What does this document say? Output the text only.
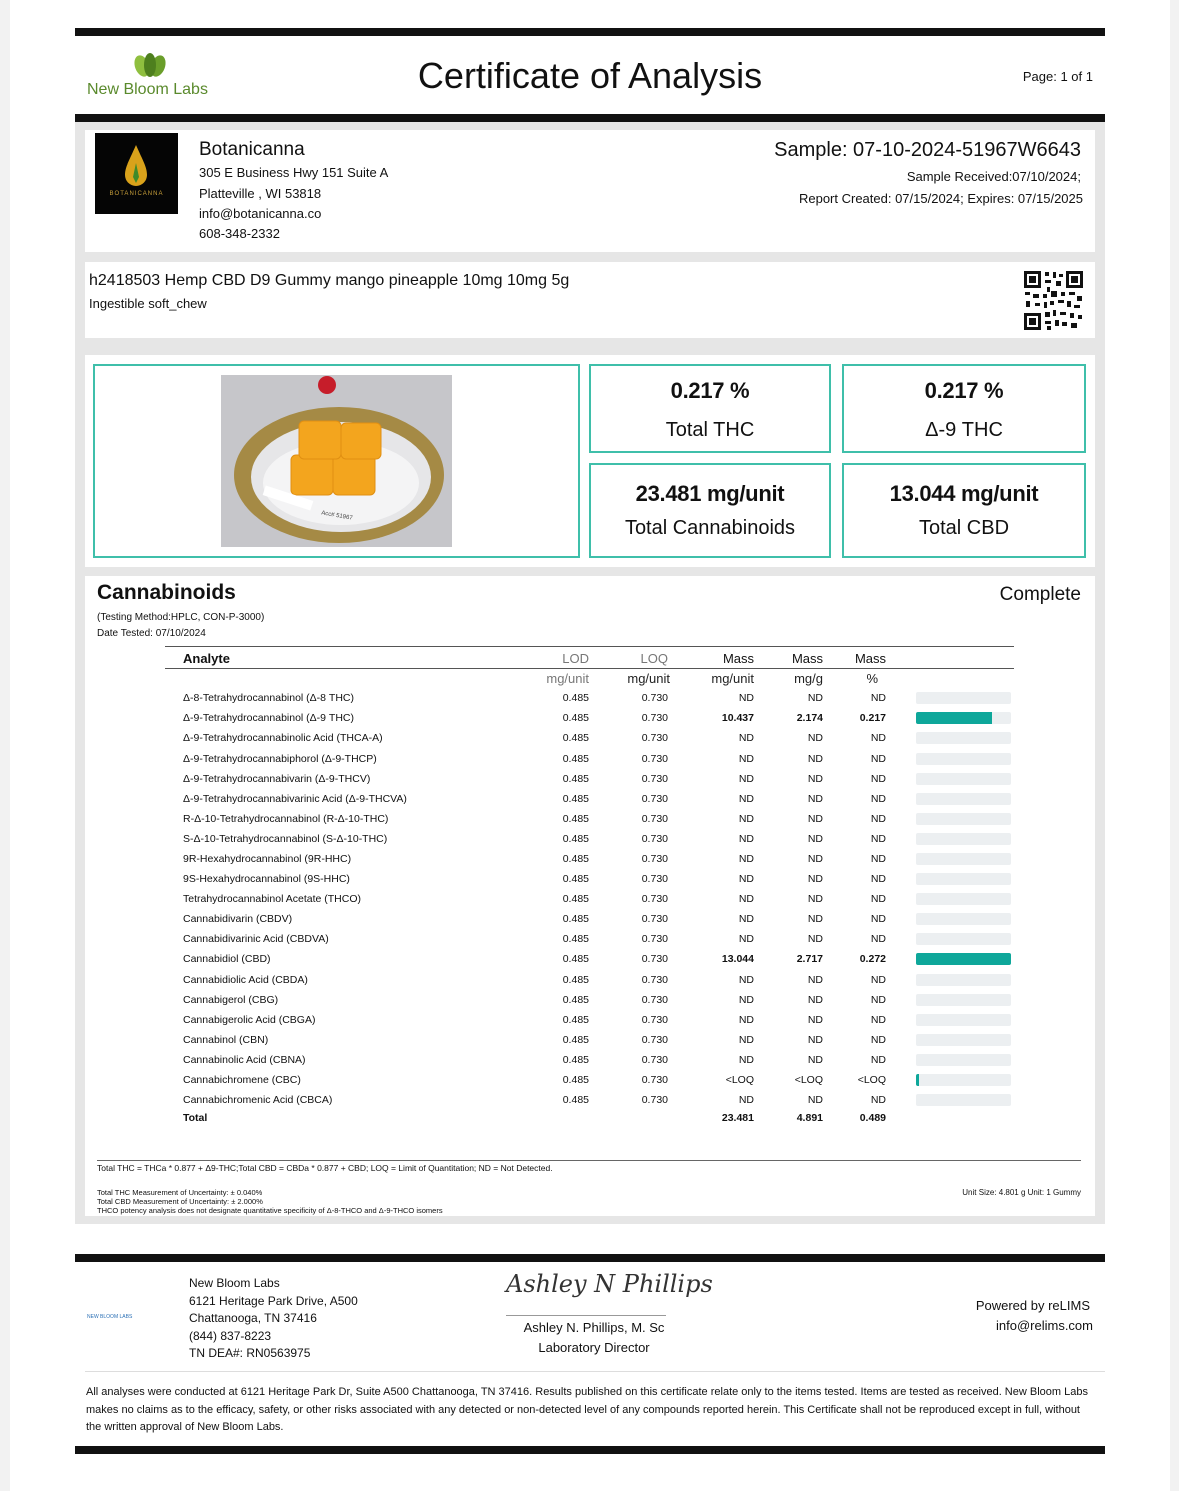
New Bloom Labs	Certificate of Analysis	Page: 1 of 1
BOTANICANNA
Botanicanna
305 E Business Hwy 151 Suite A
Platteville , WI 53818
info@botanicanna.co
608-348-2332
Sample: 07-10-2024-51967W6643
Sample Received:07/10/2024;
Report Created: 07/15/2024; Expires: 07/15/2025
h2418503 Hemp CBD D9 Gummy mango pineapple 10mg 10mg 5g
Ingestible soft_chew
Acc# 51967
0.217 %
Total THC
0.217 %
Δ-9 THC
23.481 mg/unit
Total Cannabinoids
13.044 mg/unit
Total CBD
Cannabinoids	Complete
(Testing Method:HPLC, CON-P-3000)
Date Tested: 07/10/2024
	Analyte	LOD	LOQ	Mass	Mass	Mass		
		mg/unit	mg/unit	mg/unit	mg/g	%		
	Δ-8-Tetrahydrocannabinol (Δ-8 THC)	0.485	0.730	ND	ND	ND		

	Δ-9-Tetrahydrocannabinol (Δ-9 THC)	0.485	0.730	10.437	2.174	0.217		

	Δ-9-Tetrahydrocannabinolic Acid (THCA-A)	0.485	0.730	ND	ND	ND		

	Δ-9-Tetrahydrocannabiphorol (Δ-9-THCP)	0.485	0.730	ND	ND	ND		

	Δ-9-Tetrahydrocannabivarin (Δ-9-THCV)	0.485	0.730	ND	ND	ND		

	Δ-9-Tetrahydrocannabivarinic Acid (Δ-9-THCVA)	0.485	0.730	ND	ND	ND		

	R-Δ-10-Tetrahydrocannabinol (R-Δ-10-THC)	0.485	0.730	ND	ND	ND		

	S-Δ-10-Tetrahydrocannabinol (S-Δ-10-THC)	0.485	0.730	ND	ND	ND		

	9R-Hexahydrocannabinol (9R-HHC)	0.485	0.730	ND	ND	ND		

	9S-Hexahydrocannabinol (9S-HHC)	0.485	0.730	ND	ND	ND		

	Tetrahydrocannabinol Acetate (THCO)	0.485	0.730	ND	ND	ND		

	Cannabidivarin (CBDV)	0.485	0.730	ND	ND	ND		

	Cannabidivarinic Acid (CBDVA)	0.485	0.730	ND	ND	ND		

	Cannabidiol (CBD)	0.485	0.730	13.044	2.717	0.272		

	Cannabidiolic Acid (CBDA)	0.485	0.730	ND	ND	ND		

	Cannabigerol (CBG)	0.485	0.730	ND	ND	ND		

	Cannabigerolic Acid (CBGA)	0.485	0.730	ND	ND	ND		

	Cannabinol (CBN)	0.485	0.730	ND	ND	ND		

	Cannabinolic Acid (CBNA)	0.485	0.730	ND	ND	ND		

	Cannabichromene (CBC)	0.485	0.730	<LOQ	<LOQ	<LOQ		

	Cannabichromenic Acid (CBCA)	0.485	0.730	ND	ND	ND		

	Total			23.481	4.891	0.489		
Total THC = THCa * 0.877 + Δ9-THC;Total CBD = CBDa * 0.877 + CBD; LOQ = Limit of Quantitation; ND = Not Detected.
Total THC Measurement of Uncertainty: ± 0.040%
Total CBD Measurement of Uncertainty: ± 2.000%
THCO potency analysis does not designate quantitative specificity of Δ-8-THCO and Δ-9-THCO isomers
Unit Size: 4.801 g Unit: 1 Gummy
NEW BLOOM LABS
New Bloom Labs
6121 Heritage Park Drive, A500
Chattanooga, TN 37416
(844) 837-8223
TN DEA#: RN0563975
Ashley N Phillips
Ashley N. Phillips, M. Sc
Laboratory Director
Powered by reLIMS
info@relims.com
All analyses were conducted at 6121 Heritage Park Dr, Suite A500 Chattanooga, TN 37416. Results published on this certificate relate only to the items tested. Items are tested as received. New Bloom Labs makes no claims as to the efficacy, safety, or other risks associated with any detected or non-detected level of any compounds reported herein. This Certificate shall not be reproduced except in full, without the written approval of New Bloom Labs.
